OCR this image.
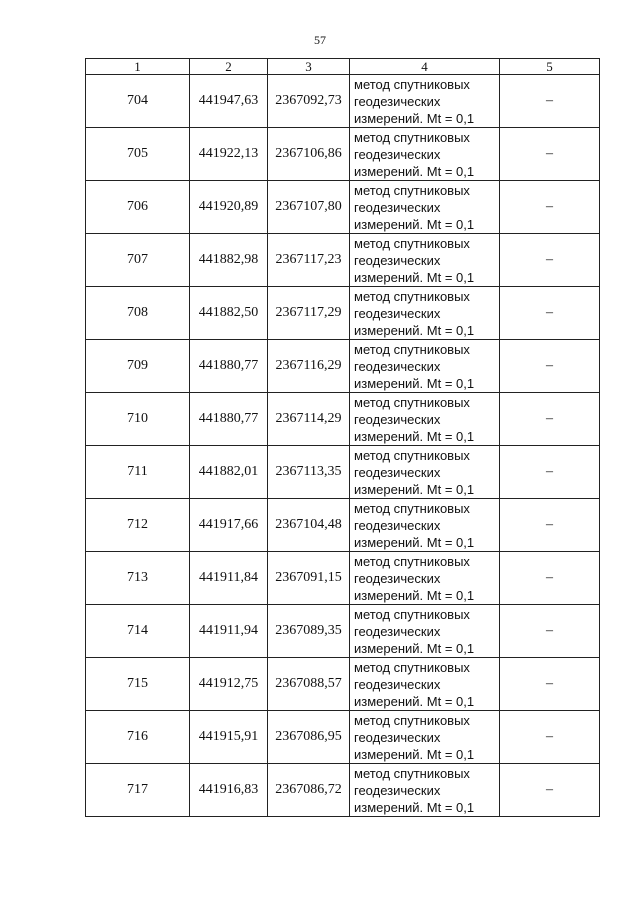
57
1	2	3	4	5
704	441947,63	2367092,73	метод спутниковых
геодезических
измерений. Mt = 0,1	–
705	441922,13	2367106,86	метод спутниковых
геодезических
измерений. Mt = 0,1	–
706	441920,89	2367107,80	метод спутниковых
геодезических
измерений. Mt = 0,1	–
707	441882,98	2367117,23	метод спутниковых
геодезических
измерений. Mt = 0,1	–
708	441882,50	2367117,29	метод спутниковых
геодезических
измерений. Mt = 0,1	–
709	441880,77	2367116,29	метод спутниковых
геодезических
измерений. Mt = 0,1	–
710	441880,77	2367114,29	метод спутниковых
геодезических
измерений. Mt = 0,1	–
711	441882,01	2367113,35	метод спутниковых
геодезических
измерений. Mt = 0,1	–
712	441917,66	2367104,48	метод спутниковых
геодезических
измерений. Mt = 0,1	–
713	441911,84	2367091,15	метод спутниковых
геодезических
измерений. Mt = 0,1	–
714	441911,94	2367089,35	метод спутниковых
геодезических
измерений. Mt = 0,1	–
715	441912,75	2367088,57	метод спутниковых
геодезических
измерений. Mt = 0,1	–
716	441915,91	2367086,95	метод спутниковых
геодезических
измерений. Mt = 0,1	–
717	441916,83	2367086,72	метод спутниковых
геодезических
измерений. Mt = 0,1	–
